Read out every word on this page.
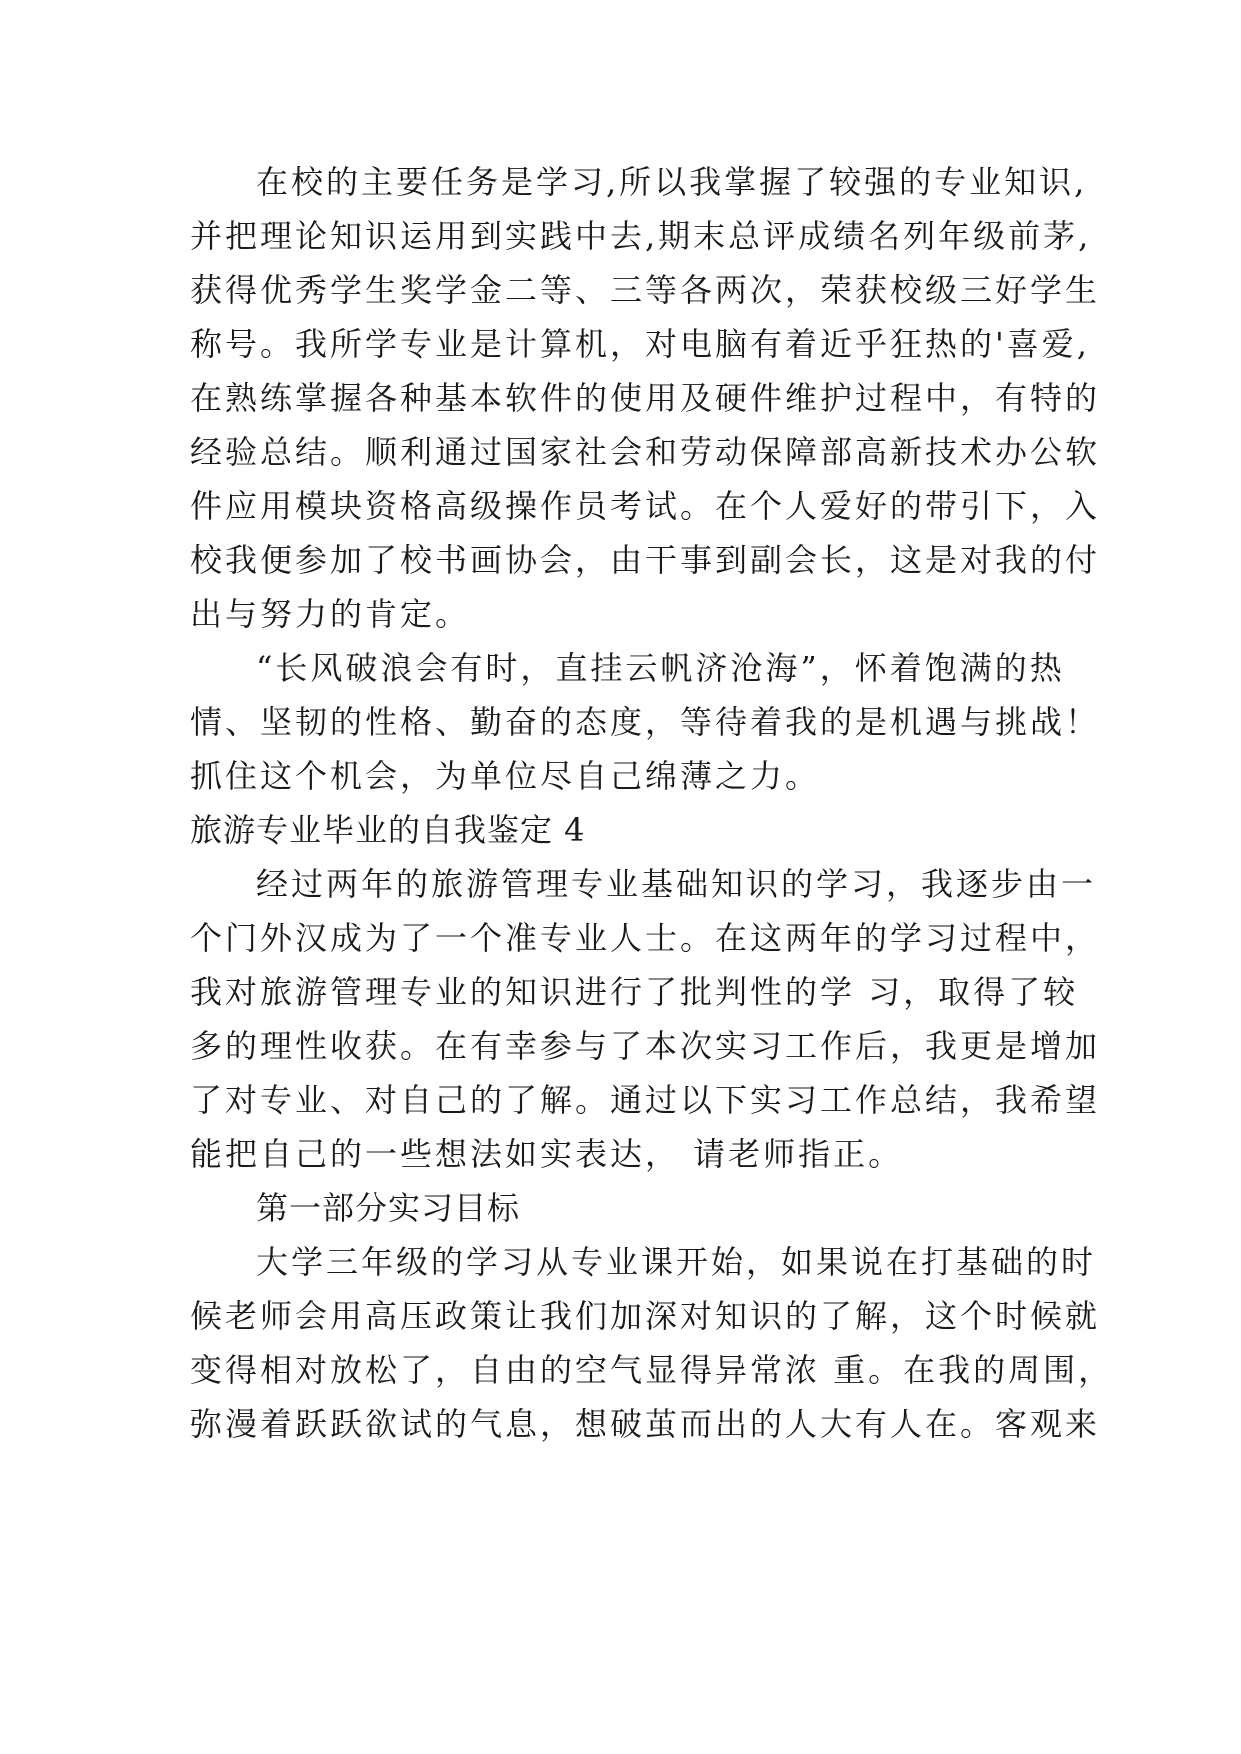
在校的主要任务是学习,所以我掌握了较强的专业知识,
并把理论知识运用到实践中去,期末总评成绩名列年级前茅,
获得优秀学生奖学金二等、三等各两次，荣获校级三好学生
称号。我所学专业是计算机，对电脑有着近乎狂热的'喜爱,
在熟练掌握各种基本软件的使用及硬件维护过程中，有特的
经验总结。顺利通过国家社会和劳动保障部高新技术办公软
件应用模块资格高级操作员考试。在个人爱好的带引下，入
校我便参加了校书画协会，由干事到副会长，这是对我的付
出与努力的肯定。
“长风破浪会有时，直挂云帆济沧海”，怀着饱满的热
情、坚韧的性格、勤奋的态度，等待着我的是机遇与挑战！
抓住这个机会，为单位尽自己绵薄之力。
旅游专业毕业的自我鉴定 4
经过两年的旅游管理专业基础知识的学习，我逐步由一
个门外汉成为了一个准专业人士。在这两年的学习过程中，
我对旅游管理专业的知识进行了批判性的学 习，取得了较
多的理性收获。在有幸参与了本次实习工作后，我更是增加
了对专业、对自己的了解。通过以下实习工作总结，我希望
能把自己的一些想法如实表达， 请老师指正。
第一部分实习目标
大学三年级的学习从专业课开始，如果说在打基础的时
候老师会用高压政策让我们加深对知识的了解，这个时候就
变得相对放松了，自由的空气显得异常浓 重。在我的周围，
弥漫着跃跃欲试的气息，想破茧而出的人大有人在。客观来
